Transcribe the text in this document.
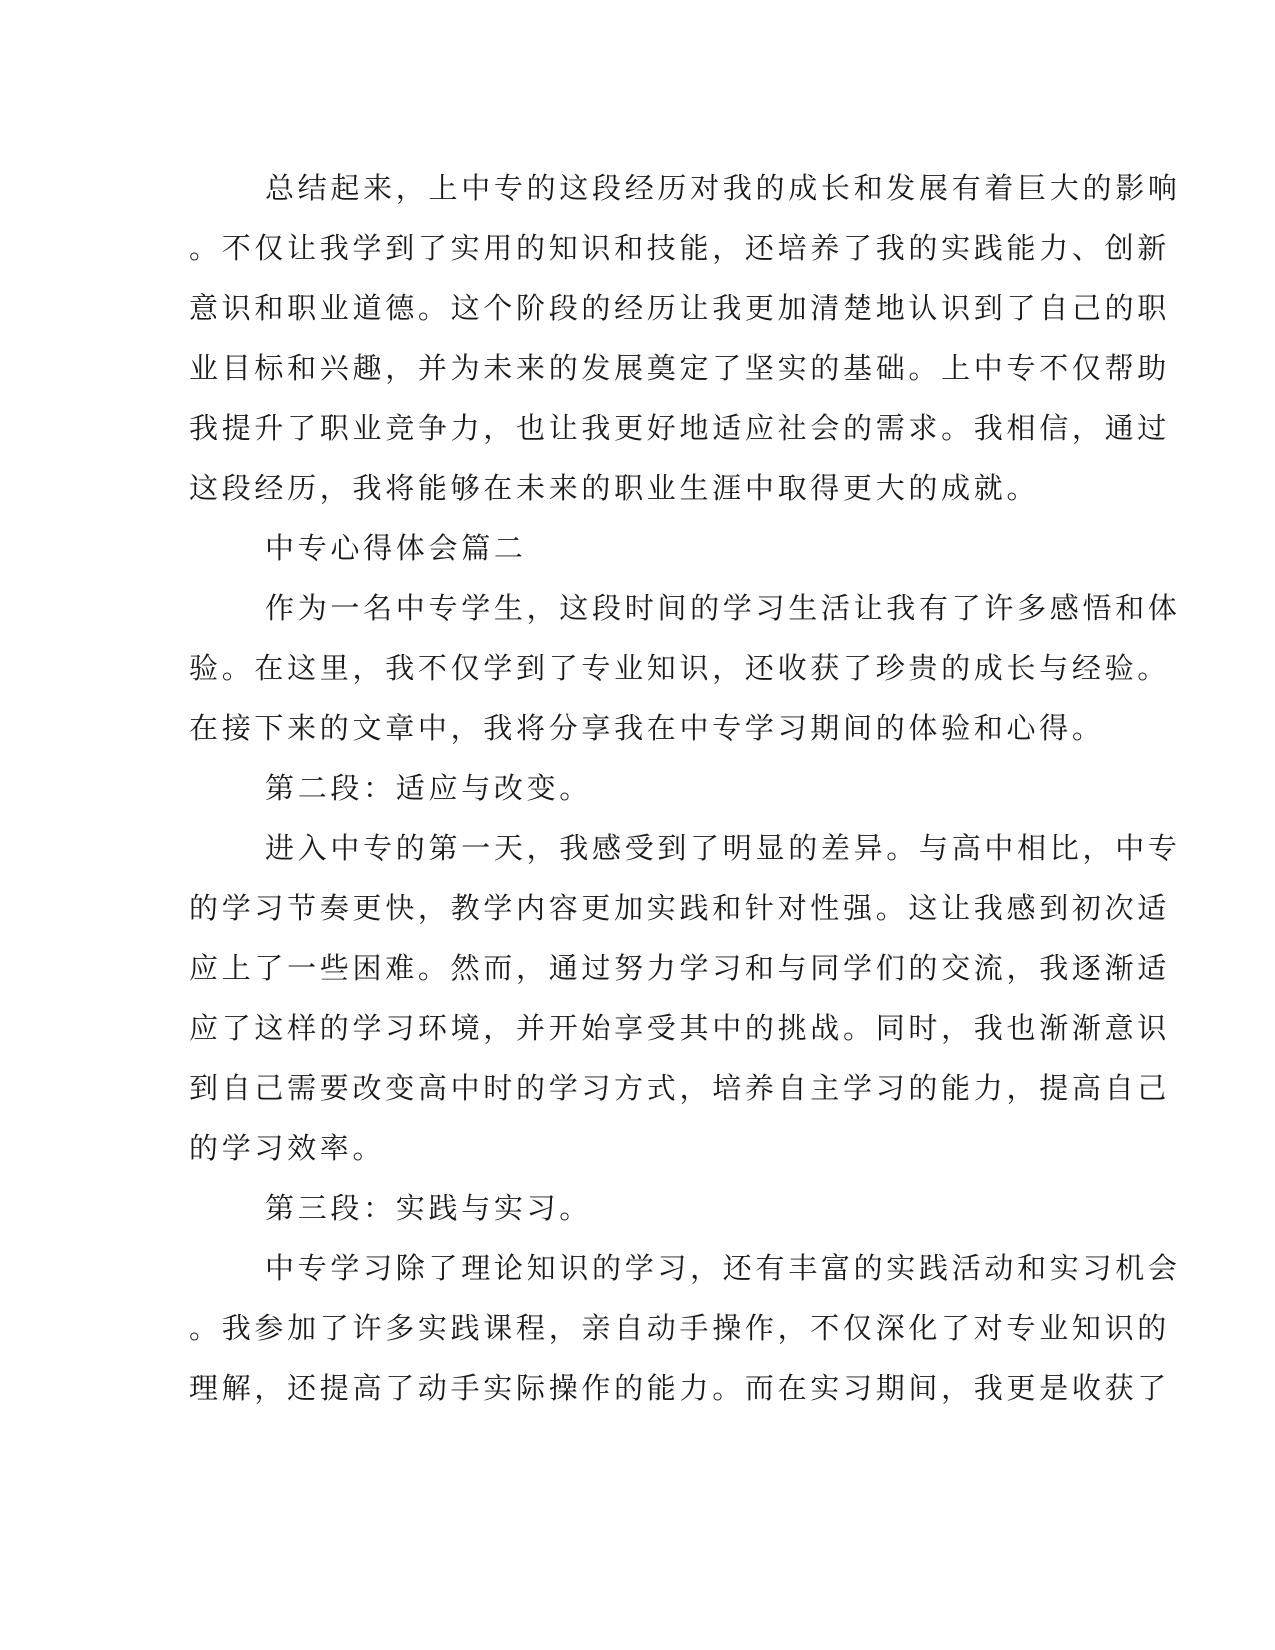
总结起来，上中专的这段经历对我的成长和发展有着巨大的影响
。不仅让我学到了实用的知识和技能，还培养了我的实践能力、创新
意识和职业道德。这个阶段的经历让我更加清楚地认识到了自己的职
业目标和兴趣，并为未来的发展奠定了坚实的基础。上中专不仅帮助
我提升了职业竞争力，也让我更好地适应社会的需求。我相信，通过
这段经历，我将能够在未来的职业生涯中取得更大的成就。
中专心得体会篇二
作为一名中专学生，这段时间的学习生活让我有了许多感悟和体
验。在这里，我不仅学到了专业知识，还收获了珍贵的成长与经验。
在接下来的文章中，我将分享我在中专学习期间的体验和心得。
第二段：适应与改变。
进入中专的第一天，我感受到了明显的差异。与高中相比，中专
的学习节奏更快，教学内容更加实践和针对性强。这让我感到初次适
应上了一些困难。然而，通过努力学习和与同学们的交流，我逐渐适
应了这样的学习环境，并开始享受其中的挑战。同时，我也渐渐意识
到自己需要改变高中时的学习方式，培养自主学习的能力，提高自己
的学习效率。
第三段：实践与实习。
中专学习除了理论知识的学习，还有丰富的实践活动和实习机会
。我参加了许多实践课程，亲自动手操作，不仅深化了对专业知识的
理解，还提高了动手实际操作的能力。而在实习期间，我更是收获了
